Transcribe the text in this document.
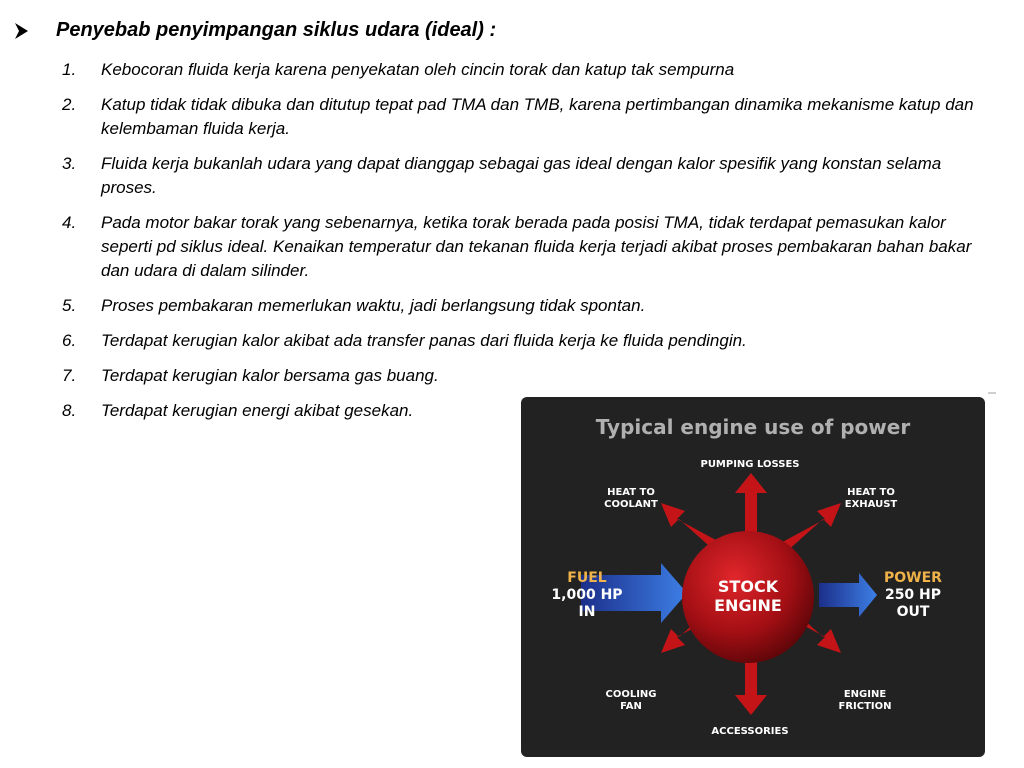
Penyebab penyimpangan siklus udara (ideal) :
1. Kebocoran fluida kerja karena penyekatan oleh cincin torak dan katup tak sempurna
2. Katup tidak tidak dibuka dan ditutup tepat pad TMA dan TMB, karena pertimbangan dinamika mekanisme katup dan kelembaman fluida kerja.
3. Fluida kerja bukanlah udara yang dapat dianggap sebagai gas ideal dengan kalor spesifik yang konstan selama proses.
4. Pada motor bakar torak yang sebenarnya, ketika torak berada pada posisi TMA, tidak terdapat pemasukan kalor seperti pd siklus ideal. Kenaikan temperatur dan tekanan fluida kerja terjadi akibat proses pembakaran bahan bakar dan udara di dalam silinder.
5. Proses pembakaran memerlukan waktu, jadi berlangsung tidak spontan.
6. Terdapat kerugian kalor akibat ada transfer panas dari fluida kerja ke fluida pendingin.
7. Terdapat kerugian kalor bersama gas buang.
8. Terdapat kerugian energi akibat gesekan.
Typical engine use of power
STOCK
ENGINE
PUMPING LOSSES
HEAT TO
COOLANT
HEAT TO
EXHAUST
FUEL
1,000 HP
IN
POWER
250 HP
OUT
COOLING
FAN
ENGINE
FRICTION
ACCESSORIES
